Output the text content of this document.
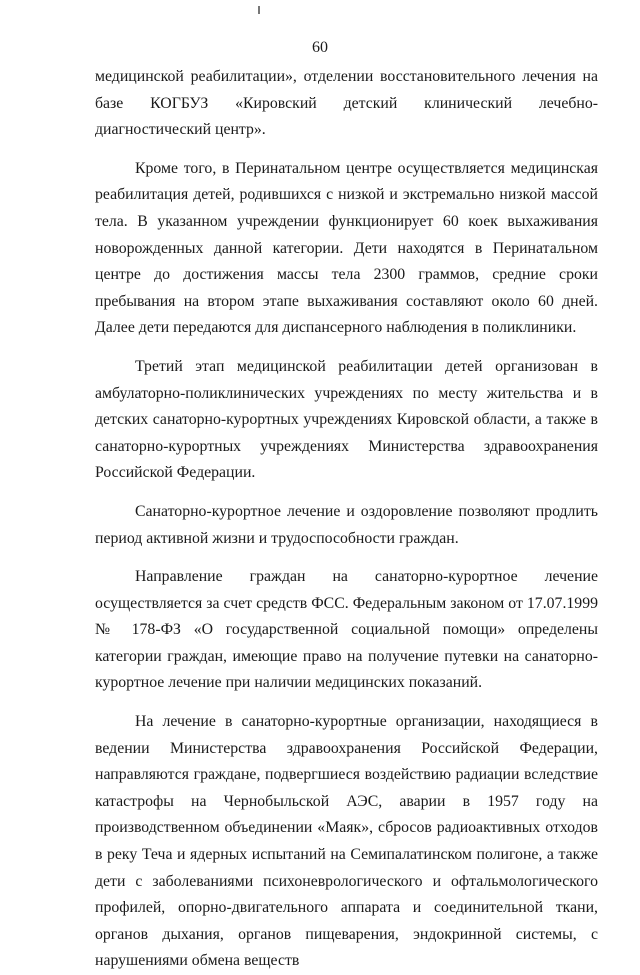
60

медицинской реабилитации», отделении восстановительного лечения на базе КОГБУЗ «Кировский детский клинический лечебно-диагностический центр».

Кроме того, в Перинатальном центре осуществляется медицинская реабилитация детей, родившихся с низкой и экстремально низкой массой тела. В указанном учреждении функционирует 60 коек выхаживания новорожденных данной категории. Дети находятся в Перинатальном центре до достижения массы тела 2300 граммов, средние сроки пребывания на втором этапе выхаживания составляют около 60 дней. Далее дети передаются для диспансерного наблюдения в поликлиники.

Третий этап медицинской реабилитации детей организован в амбулаторно-поликлинических учреждениях по месту жительства и в детских санаторно-курортных учреждениях Кировской области, а также в санаторно-курортных учреждениях Министерства здравоохранения Российской Федерации.

Санаторно-курортное лечение и оздоровление позволяют продлить период активной жизни и трудоспособности граждан.

Направление граждан на санаторно-курортное лечение осуществляется за счет средств ФСС. Федеральным законом от 17.07.1999 № 178-ФЗ «О государственной социальной помощи» определены категории граждан, имеющие право на получение путевки на санаторно-курортное лечение при наличии медицинских показаний.

На лечение в санаторно-курортные организации, находящиеся в ведении Министерства здравоохранения Российской Федерации, направляются граждане, подвергшиеся воздействию радиации вследствие катастрофы на Чернобыльской АЭС, аварии в 1957 году на производственном объединении «Маяк», сбросов радиоактивных отходов в реку Теча и ядерных испытаний на Семипалатинском полигоне, а также дети с заболеваниями психоневрологического и офтальмологического профилей, опорно-двигательного аппарата и соединительной ткани, органов дыхания, органов пищеварения, эндокринной системы, с нарушениями обмена веществ
